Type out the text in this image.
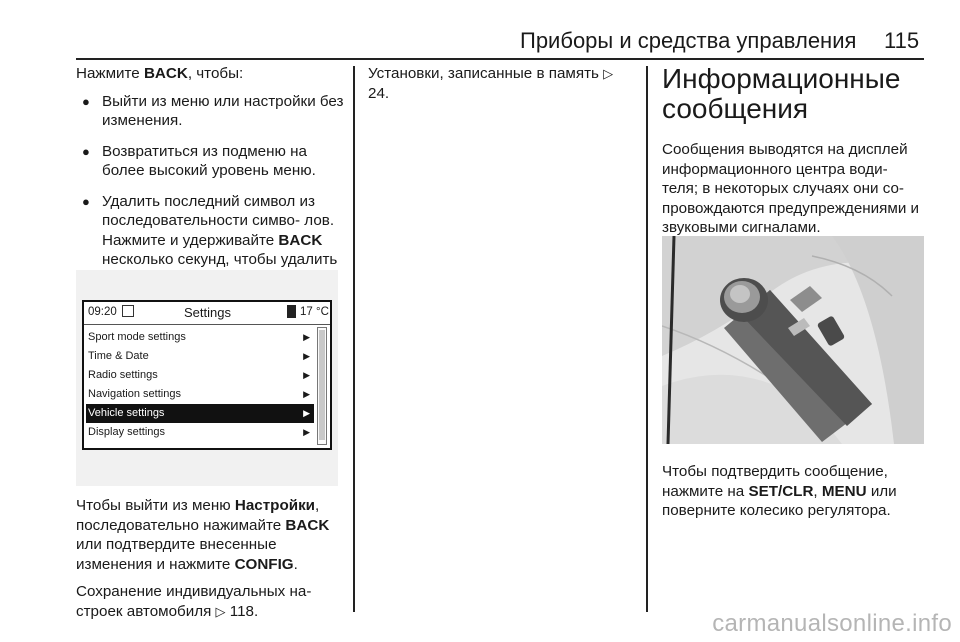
Приборы и средства управления 115

Нажмите BACK, чтобы:

● Выйти из меню или настройки без изменения.
● Возвратиться из подменю на более высокий уровень меню.
● Удалить последний символ из последовательности симво- лов. Нажмите и удерживайте BACK несколько секунд, чтобы удалить
09:20	Settings	17 °C
Sport mode settings	▶
Time & Date	▶
Radio settings	▶
Navigation settings	▶
Vehicle settings	▶
Display settings	▶

Чтобы выйти из меню Настройки, последовательно нажимайте BACK или подтвердите внесенные изменения и нажмите CONFIG.

Сохранение индивидуальных на- строек автомобиля ▷ 118.

Установки, записанные в память ▷ 24.	Информационные сообщения

Сообщения выводятся на дисплей информационного центра води- теля; в некоторых случаях они со- провождаются предупреждениями и звуковыми сигналами.

Чтобы подтвердить сообщение, нажмите на SET/CLR, MENU или поверните колесико регулятора.

carmanualsonline.info
